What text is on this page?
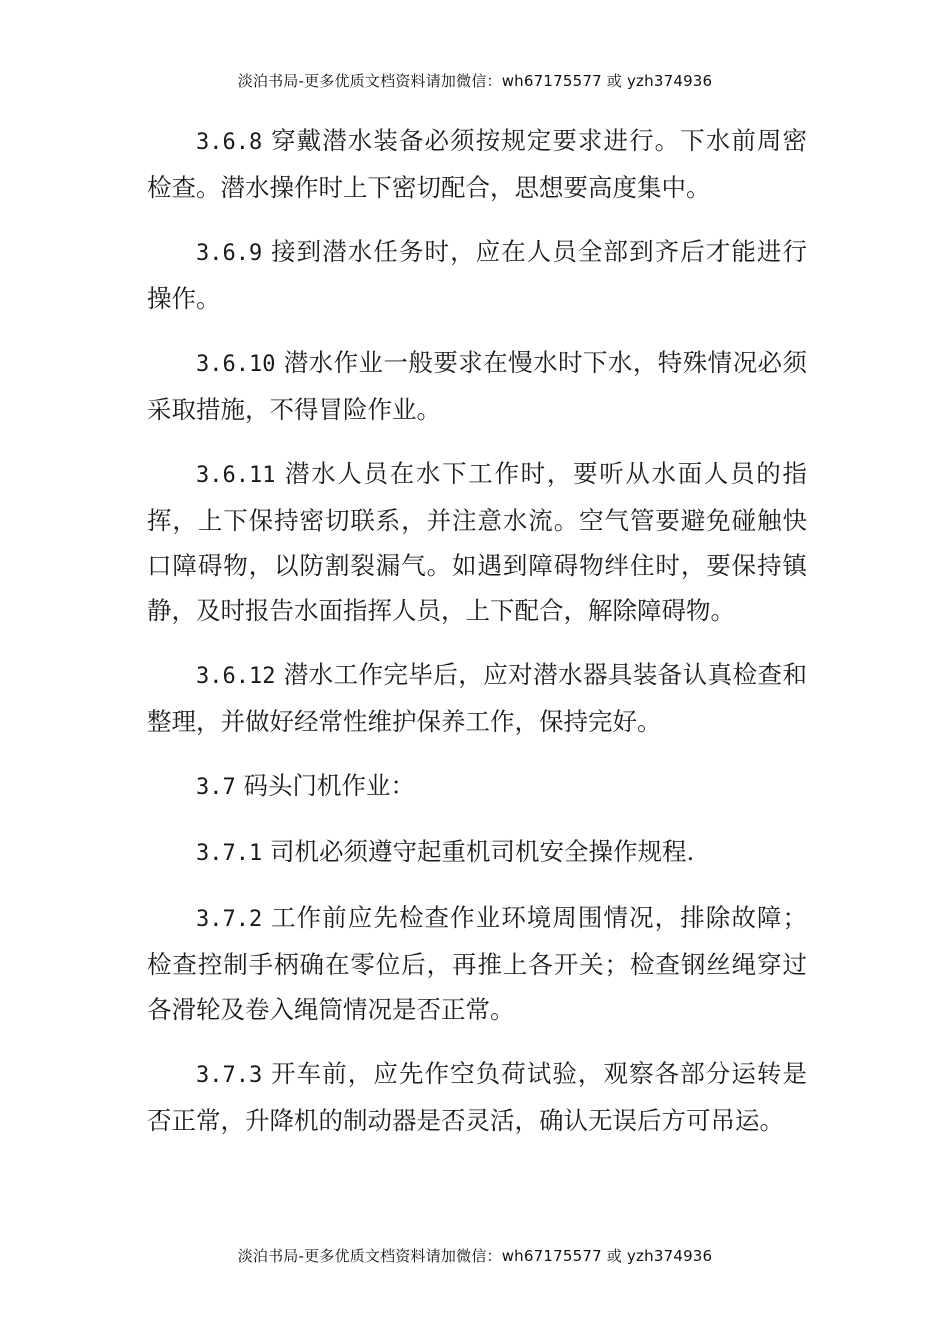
淡泊书局-更多优质文档资料请加微信：wh67175577 或 yzh374936

3.6.8 穿戴潜水装备必须按规定要求进行。下水前周密检查。潜水操作时上下密切配合，思想要高度集中。

3.6.9 接到潜水任务时，应在人员全部到齐后才能进行操作。

3.6.10 潜水作业一般要求在慢水时下水，特殊情况必须采取措施，不得冒险作业。

3.6.11 潜水人员在水下工作时，要听从水面人员的指挥，上下保持密切联系，并注意水流。空气管要避免碰触快口障碍物，以防割裂漏气。如遇到障碍物绊住时，要保持镇静，及时报告水面指挥人员，上下配合，解除障碍物。

3.6.12 潜水工作完毕后，应对潜水器具装备认真检查和整理，并做好经常性维护保养工作，保持完好。

3.7 码头门机作业：

3.7.1 司机必须遵守起重机司机安全操作规程.

3.7.2 工作前应先检查作业环境周围情况，排除故障；检查控制手柄确在零位后，再推上各开关；检查钢丝绳穿过各滑轮及卷入绳筒情况是否正常。

3.7.3 开车前，应先作空负荷试验，观察各部分运转是否正常，升降机的制动器是否灵活，确认无误后方可吊运。

淡泊书局-更多优质文档资料请加微信：wh67175577 或 yzh374936
